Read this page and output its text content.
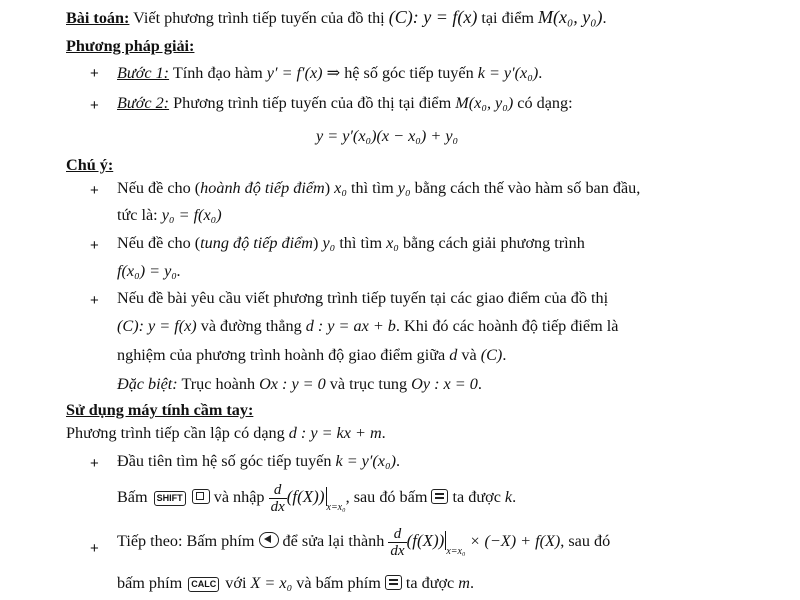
Bài toán: Viết phương trình tiếp tuyến của đồ thị (C): y = f(x) tại điểm M(x₀, y₀).
Phương pháp giải:
+ Bước 1: Tính đạo hàm y′ = f′(x) ⇒ hệ số góc tiếp tuyến k = y′(x₀).
+ Bước 2: Phương trình tiếp tuyến của đồ thị tại điểm M(x₀, y₀) có dạng:
y = y′(x₀)(x − x₀) + y₀
Chú ý:
+ Nếu đề cho (hoành độ tiếp điểm) x₀ thì tìm y₀ bằng cách thế vào hàm số ban đầu,
tức là: y₀ = f(x₀)
+ Nếu đề cho (tung độ tiếp điểm) y₀ thì tìm x₀ bằng cách giải phương trình
f(x₀) = y₀.
+ Nếu đề bài yêu cầu viết phương trình tiếp tuyến tại các giao điểm của đồ thị
(C): y = f(x) và đường thẳng d : y = ax + b. Khi đó các hoành độ tiếp điểm là
nghiệm của phương trình hoành độ giao điểm giữa d và (C).
Đặc biệt: Trục hoành Ox : y = 0 và trục tung Oy : x = 0.
Sử dụng máy tính cầm tay:
Phương trình tiếp cần lập có dạng d : y = kx + m.
+ Đầu tiên tìm hệ số góc tiếp tuyến k = y′(x₀).
Bấm SHIFT  và nhập $\frac{d}{dx} (f(X))_{x=x_0}$, sau đó bấm  ta được k.
+ Tiếp theo: Bấm phím  để sửa lại thành $\frac{d}{dx} (f(X))_{x=x_0} \times (-X) + f(X)$, sau đó
bấm phím CALC với X = x₀ và bấm phím  ta được m.
